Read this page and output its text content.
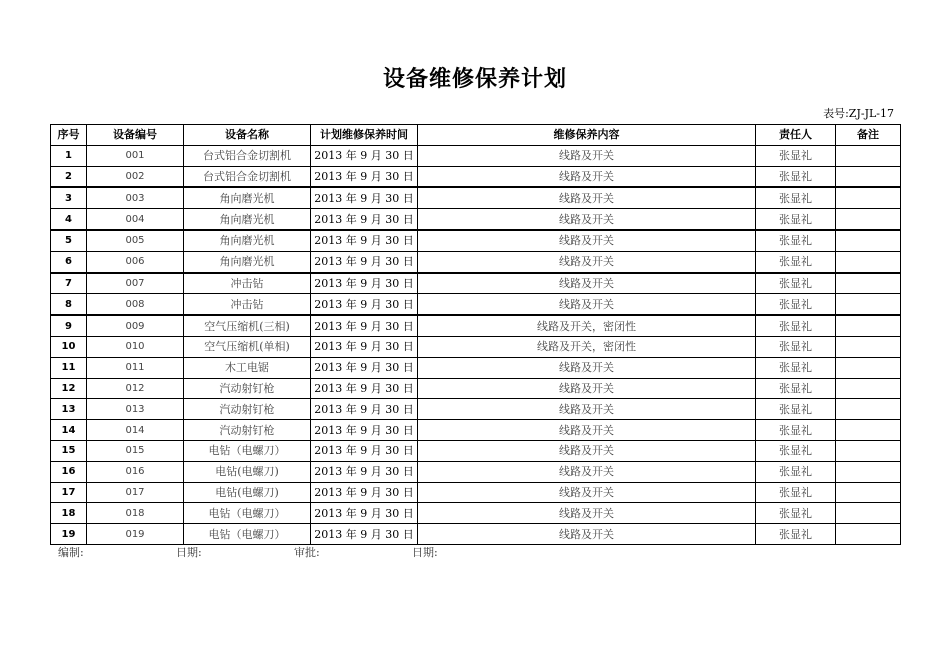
设备维修保养计划
表号:ZJ-JL-17
序号	设备编号	设备名称	计划维修保养时间	维修保养内容	责任人	备注
1	001	台式铝合金切割机	2013 年 9 月 30 日	线路及开关	张显礼	
2	002	台式铝合金切割机	2013 年 9 月 30 日	线路及开关	张显礼	
3	003	角向磨光机	2013 年 9 月 30 日	线路及开关	张显礼	
4	004	角向磨光机	2013 年 9 月 30 日	线路及开关	张显礼	
5	005	角向磨光机	2013 年 9 月 30 日	线路及开关	张显礼	
6	006	角向磨光机	2013 年 9 月 30 日	线路及开关	张显礼	
7	007	冲击钻	2013 年 9 月 30 日	线路及开关	张显礼	
8	008	冲击钻	2013 年 9 月 30 日	线路及开关	张显礼	
9	009	空气压缩机(三相)	2013 年 9 月 30 日	线路及开关，密闭性	张显礼	
10	010	空气压缩机(单相)	2013 年 9 月 30 日	线路及开关，密闭性	张显礼	
11	011	木工电锯	2013 年 9 月 30 日	线路及开关	张显礼	
12	012	汽动射钉枪	2013 年 9 月 30 日	线路及开关	张显礼	
13	013	汽动射钉枪	2013 年 9 月 30 日	线路及开关	张显礼	
14	014	汽动射钉枪	2013 年 9 月 30 日	线路及开关	张显礼	
15	015	电钻（电螺刀）	2013 年 9 月 30 日	线路及开关	张显礼	
16	016	电钻(电螺刀)	2013 年 9 月 30 日	线路及开关	张显礼	
17	017	电钻(电螺刀)	2013 年 9 月 30 日	线路及开关	张显礼	
18	018	电钻（电螺刀）	2013 年 9 月 30 日	线路及开关	张显礼	
19	019	电钻（电螺刀）	2013 年 9 月 30 日	线路及开关	张显礼	
编制:	日期:	审批:	日期:
